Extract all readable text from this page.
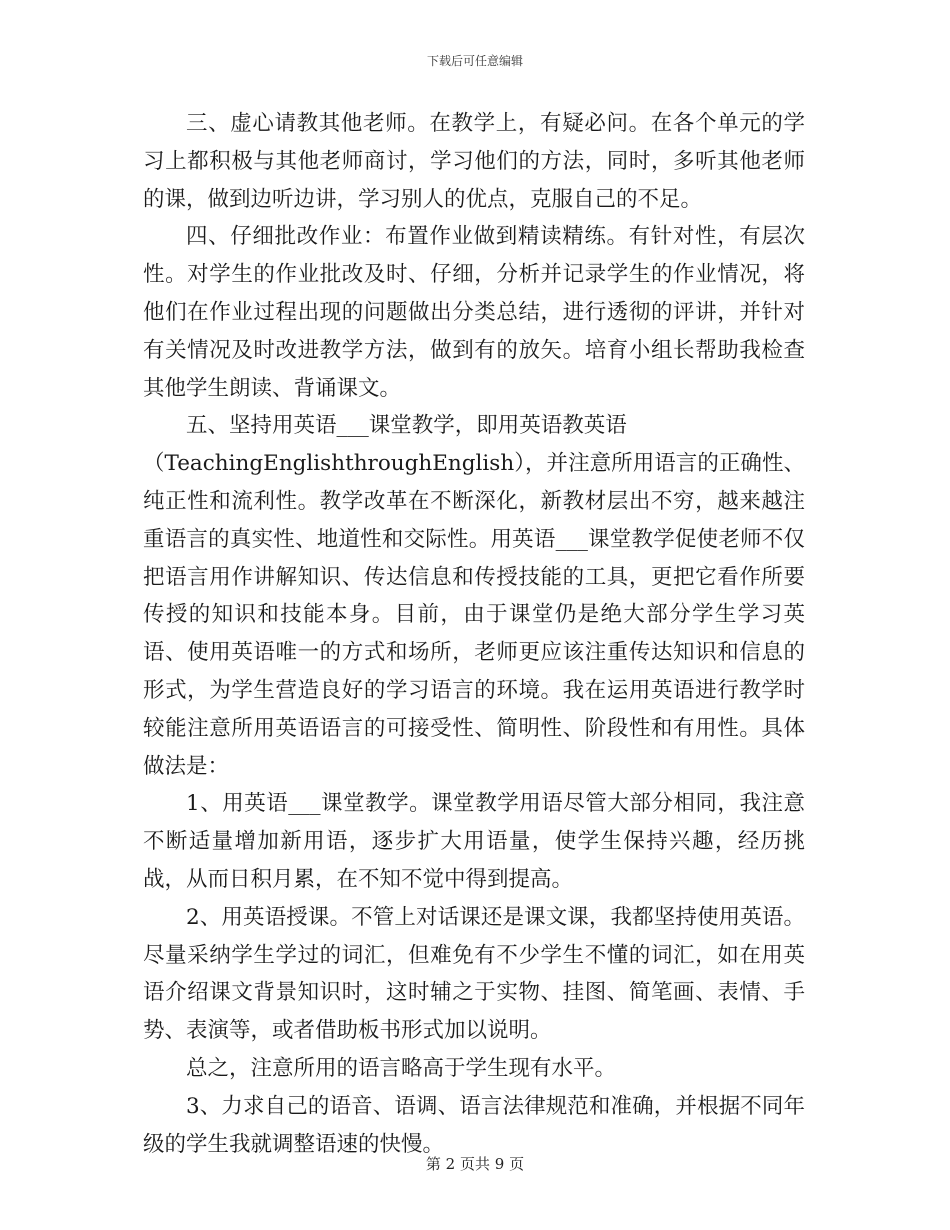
下载后可任意编辑

三、虚心请教其他老师。在教学上，有疑必问。在各个单元的学习上都积极与其他老师商讨，学习他们的方法，同时，多听其他老师的课，做到边听边讲，学习别人的优点，克服自己的不足。

四、仔细批改作业：布置作业做到精读精练。有针对性，有层次性。对学生的作业批改及时、仔细，分析并记录学生的作业情况，将他们在作业过程出现的问题做出分类总结，进行透彻的评讲，并针对有关情况及时改进教学方法，做到有的放矢。培育小组长帮助我检查其他学生朗读、背诵课文。

五、坚持用英语___课堂教学，即用英语教英语

（TeachingEnglishthroughEnglish），并注意所用语言的正确性、纯正性和流利性。教学改革在不断深化，新教材层出不穷，越来越注重语言的真实性、地道性和交际性。用英语___课堂教学促使老师不仅把语言用作讲解知识、传达信息和传授技能的工具，更把它看作所要传授的知识和技能本身。目前，由于课堂仍是绝大部分学生学习英语、使用英语唯一的方式和场所，老师更应该注重传达知识和信息的形式，为学生营造良好的学习语言的环境。我在运用英语进行教学时较能注意所用英语语言的可接受性、简明性、阶段性和有用性。具体做法是：

1、用英语___课堂教学。课堂教学用语尽管大部分相同，我注意不断适量增加新用语，逐步扩大用语量，使学生保持兴趣，经历挑战，从而日积月累，在不知不觉中得到提高。

2、用英语授课。不管上对话课还是课文课，我都坚持使用英语。尽量采纳学生学过的词汇，但难免有不少学生不懂的词汇，如在用英语介绍课文背景知识时，这时辅之于实物、挂图、简笔画、表情、手势、表演等，或者借助板书形式加以说明。

总之，注意所用的语言略高于学生现有水平。

3、力求自己的语音、语调、语言法律规范和准确，并根据不同年级的学生我就调整语速的快慢。

第 2 页共 9 页
